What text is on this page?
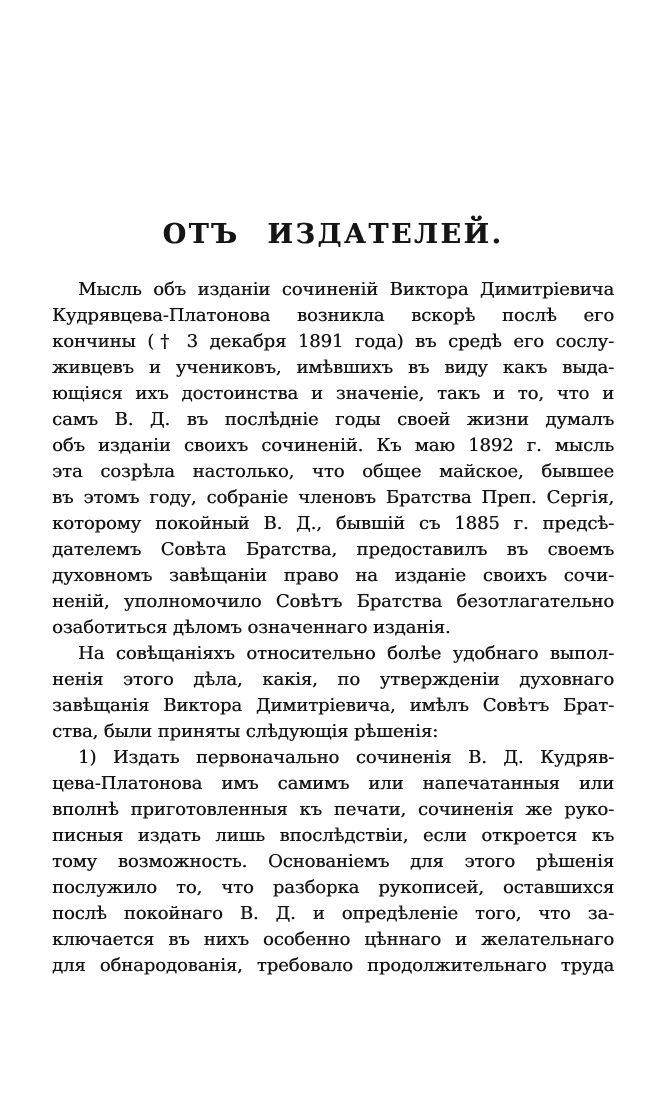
ОТЪ ИЗДАТЕЛЕЙ.
Мысль объ изданіи сочиненій Виктора Димитріевича
Кудрявцева-Платонова возникла вскорѣ послѣ его
кончины († 3 декабря 1891 года) въ средѣ его сослу-
живцевъ и учениковъ, имѣвшихъ въ виду какъ выда-
ющіяся ихъ достоинства и значеніе, такъ и то, что и
самъ В. Д. въ послѣдніе годы своей жизни думалъ
объ изданіи своихъ сочиненій. Къ маю 1892 г. мысль
эта созрѣла настолько, что общее майское, бывшее
въ этомъ году, собраніе членовъ Братства Преп. Сергія,
которому покойный В. Д., бывшій съ 1885 г. предсѣ-
дателемъ Совѣта Братства, предоставилъ въ своемъ
духовномъ завѣщаніи право на изданіе своихъ сочи-
неній, уполномочило Совѣтъ Братства безотлагательно
озаботиться дѣломъ означеннаго изданія.
На совѣщаніяхъ относительно болѣе удобнаго выпол-
ненія этого дѣла, какія, по утвержденіи духовнаго
завѣщанія Виктора Димитріевича, имѣлъ Совѣтъ Брат-
ства, были приняты слѣдующія рѣшенія:
1) Издать первоначально сочиненія В. Д. Кудряв-
цева-Платонова имъ самимъ или напечатанныя или
вполнѣ приготовленныя къ печати, сочиненія же руко-
писныя издать лишь впослѣдствіи, если откроется къ
тому возможность. Основаніемъ для этого рѣшенія
послужило то, что разборка рукописей, оставшихся
послѣ покойнаго В. Д. и опредѣленіе того, что за-
ключается въ нихъ особенно цѣннаго и желательнаго
для обнародованія, требовало продолжительнаго труда
